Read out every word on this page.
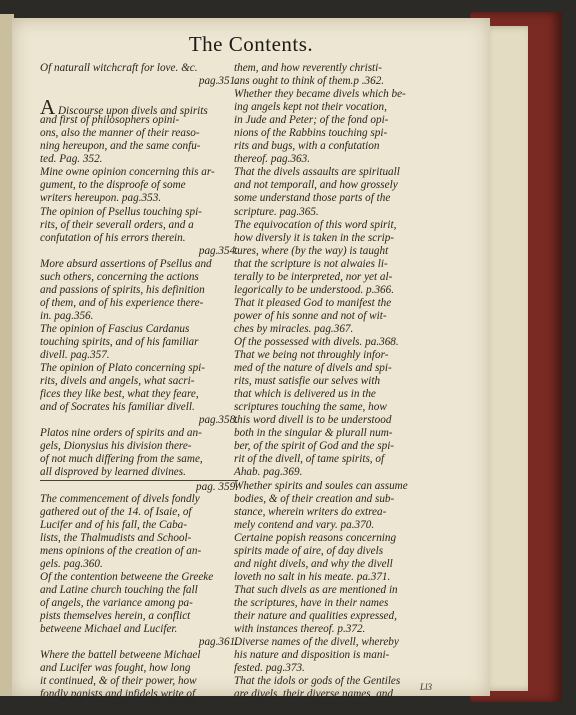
The Contents.
Of naturall witchcraft for love. &c.
pag.351.
A Discourse upon divels and spirits
and first of philosophers opini-
ons, also the manner of their reaso-
ning hereupon, and the same confu-
ted. Pag. 352.
Mine owne opinion concerning this ar-
gument, to the disproofe of some
writers hereupon. pag.353.
The opinion of Psellus touching spi-
rits, of their severall orders, and a
confutation of his errors therein.
pag.354.
More absurd assertions of Psellus and
such others, concerning the actions
and passions of spirits, his definition
of them, and of his experience there-
in. pag.356.
The opinion of Fascius Cardanus
touching spirits, and of his familiar
divell. pag.357.
The opinion of Plato concerning spi-
rits, divels and angels, what sacri-
fices they like best, what they feare,
and of Socrates his familiar divell.
pag.358.
Platos nine orders of spirits and an-
gels, Dionysius his division there-
of not much differing from the same,
all disproved by learned divines.
pag. 359.
The commencement of divels fondly
gathered out of the 14. of Isaie, of
Lucifer and of his fall, the Caba-
lists, the Thalmudists and School-
mens opinions of the creation of an-
gels. pag.360.
Of the contention betweene the Greeke
and Latine church touching the fall
of angels, the variance among pa-
pists themselves herein, a conflict
betweene Michael and Lucifer.
pag.361.
Where the battell betweene Michael
and Lucifer was fought, how long
it continued, & of their power, how
fondly papists and infidels write of
them, and how reverently christi-
ans ought to think of them.p .362.
Whether they became divels which be-
ing angels kept not their vocation,
in Jude and Peter; of the fond opi-
nions of the Rabbins touching spi-
rits and bugs, with a confutation
thereof. pag.363.
That the divels assaults are spirituall
and not temporall, and how grossely
some understand those parts of the
scripture. pag.365.
The equivocation of this word spirit,
how diversly it is taken in the scrip-
tures, where (by the way) is taught
that the scripture is not alwaies li-
terally to be interpreted, nor yet al-
legorically to be understood. p.366.
That it pleased God to manifest the
power of his sonne and not of wit-
ches by miracles. pag.367.
Of the possessed with divels. pa.368.
That we being not throughly infor-
med of the nature of divels and spi-
rits, must satisfie our selves with
that which is delivered us in the
scriptures touching the same, how
this word divell is to be understood
both in the singular & plurall num-
ber, of the spirit of God and the spi-
rit of the divell, of tame spirits, of
Ahab. pag.369.
Whether spirits and soules can assume
bodies, & of their creation and sub-
stance, wherein writers do extrea-
mely contend and vary. pa.370.
Certaine popish reasons concerning
spirits made of aire, of day divels
and night divels, and why the divell
loveth no salt in his meate. pa.371.
That such divels as are mentioned in
the scriptures, have in their names
their nature and qualities expressed,
with instances thereof. p.372.
Diverse names of the divell, whereby
his nature and disposition is mani-
fested. pag.373.
That the idols or gods of the Gentiles
are divels, their diverse names, and
Ll3
